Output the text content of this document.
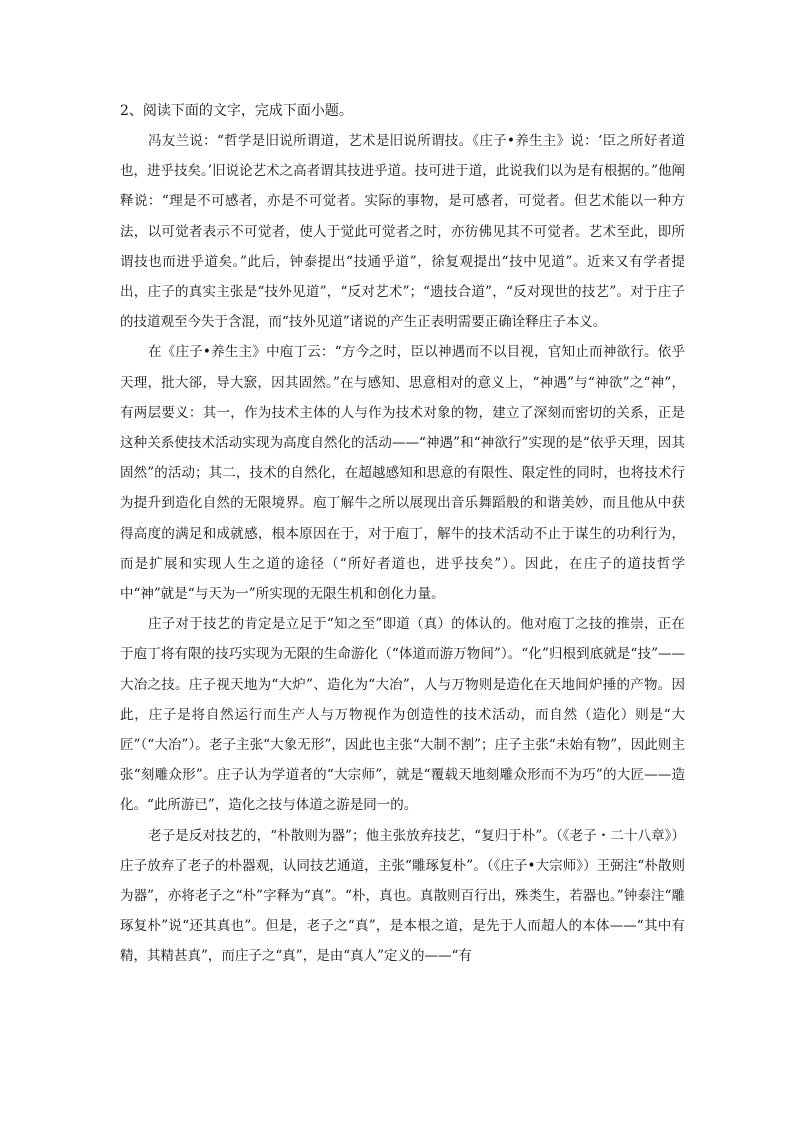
2、阅读下面的文字，完成下面小题。

冯友兰说：“哲学是旧说所谓道，艺术是旧说所谓技。《庄子•养生主》说：‘臣之所好者道也，进乎技矣。’旧说论艺术之高者谓其技进乎道。技可进于道，此说我们以为是有根据的。”他阐释说：“理是不可感者，亦是不可觉者。实际的事物，是可感者，可觉者。但艺术能以一种方法，以可觉者表示不可觉者，使人于觉此可觉者之时，亦彷佛见其不可觉者。艺术至此，即所谓技也而进乎道矣。”此后，钟泰提出“技通乎道”，徐复观提出“技中见道”。近来又有学者提出，庄子的真实主张是“技外见道”，“反对艺术”；“遗技合道”，“反对现世的技艺”。对于庄子的技道观至今失于含混，而“技外见道”诸说的产生正表明需要正确诠释庄子本义。

在《庄子•养生主》中庖丁云：“方今之时，臣以神遇而不以目视，官知止而神欲行。依乎天理，批大郤，导大窾，因其固然。”在与感知、思意相对的意义上，“神遇”与“神欲”之“神”，有两层要义：其一，作为技术主体的人与作为技术对象的物，建立了深刻而密切的关系，正是这种关系使技术活动实现为高度自然化的活动——“神遇”和“神欲行”实现的是“依乎天理，因其固然”的活动；其二，技术的自然化，在超越感知和思意的有限性、限定性的同时，也将技术行为提升到造化自然的无限境界。庖丁解牛之所以展现出音乐舞蹈般的和谐美妙，而且他从中获得高度的满足和成就感，根本原因在于，对于庖丁，解牛的技术活动不止于谋生的功利行为，而是扩展和实现人生之道的途径（“所好者道也，进乎技矣”）。因此，在庄子的道技哲学中“神”就是“与天为一”所实现的无限生机和创化力量。

庄子对于技艺的肯定是立足于“知之至”即道（真）的体认的。他对庖丁之技的推崇，正在于庖丁将有限的技巧实现为无限的生命游化（“体道而游万物间”）。“化”归根到底就是“技”——大冶之技。庄子视天地为“大炉”、造化为“大冶”，人与万物则是造化在天地间炉捶的产物。因此，庄子是将自然运行而生产人与万物视作为创造性的技术活动，而自然（造化）则是“大匠”（“大冶”）。老子主张“大象无形”，因此也主张“大制不割”；庄子主张“未始有物”，因此则主张“刻雕众形”。庄子认为学道者的“大宗师”，就是“覆载天地刻雕众形而不为巧”的大匠——造化。“此所游已”，造化之技与体道之游是同一的。

老子是反对技艺的，“朴散则为器”；他主张放弃技艺，“复归于朴”。（《老子・二十八章》）庄子放弃了老子的朴器观，认同技艺通道，主张“雕琢复朴”。（《庄子•大宗师》）王弼注“朴散则为器”，亦将老子之“朴”字释为“真”。“朴，真也。真散则百行出，殊类生，若器也。”钟泰注“雕琢复朴”说“还其真也”。但是，老子之“真”，是本根之道，是先于人而超人的本体——“其中有精，其精甚真”，而庄子之“真”，是由“真人”定义的——“有
